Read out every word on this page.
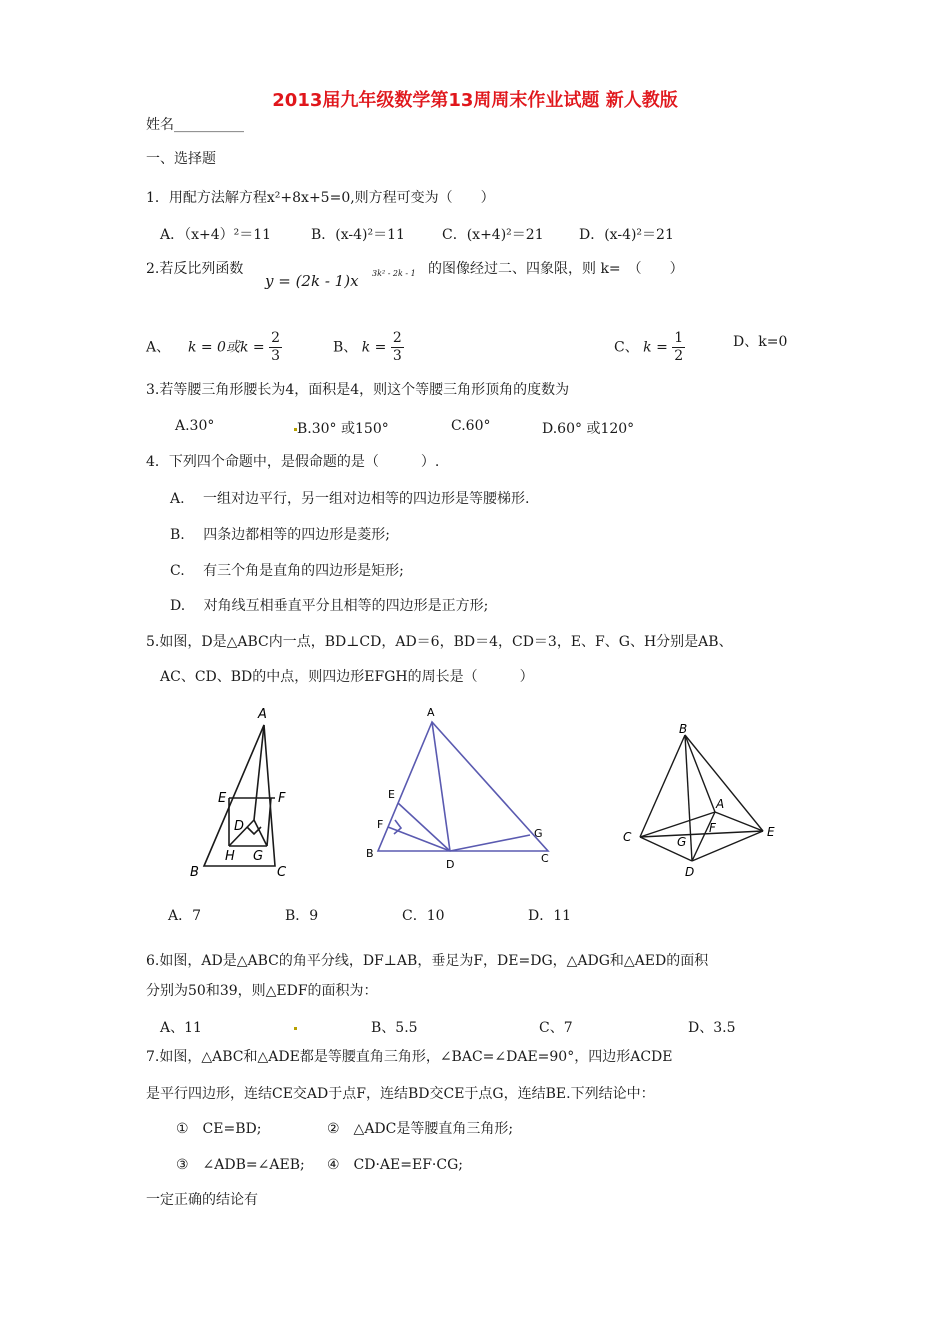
2013届九年级数学第13周周末作业试题 新人教版
姓名__________
一、选择题
1．用配方法解方程x²+8x+5=0,则方程可变为（　　）
A．（x+4）²＝11	B．(x-4)²＝11	C．(x+4)²＝21	D．(x-4)²＝21
2.若反比列函数
y = (2k - 1)x 3k² - 2k - 1 的图像经过二、四象限，则 k=　（　　）
A、 k = 0或$k = \frac{2}{3}$	B、 $k = \frac{2}{3}$	C、 $k = \frac{1}{2}$	D、k=0
3.若等腰三角形腰长为4，面积是4，则这个等腰三角形顶角的度数为
A.30°	B.30° 或150°	C.60°	D.60° 或120°
4．下列四个命题中，是假命题的是（　　　）.
A.　 一组对边平行，另一组对边相等的四边形是等腰梯形.
B.　 四条边都相等的四边形是菱形;
C.　 有三个角是直角的四边形是矩形;
D.　 对角线互相垂直平分且相等的四边形是正方形;
5.如图，D是△ABC内一点，BD⊥CD，AD＝6，BD＝4，CD＝3，E、F、G、H分别是AB、
AC、CD、BD的中点，则四边形EFGH的周长是（　　　）
A
E	F
D
H G
B	C
A
E
F
G
B
D	C
B
A
F	E
C	G
D
A．7	B．9	C．10	D．11
6.如图，AD是△ABC的角平分线，DF⊥AB，垂足为F，DE=DG，△ADG和△AED的面积
分别为50和39，则△EDF的面积为：
A、11	B、5.5	C、7	D、3.5
7.如图，△ABC和△ADE都是等腰直角三角形，∠BAC=∠DAE=90°，四边形ACDE
是平行四边形，连结CE交AD于点F，连结BD交CE于点G，连结BE.下列结论中：
①　CE=BD;	②　△ADC是等腰直角三角形;
③　∠ADB=∠AEB; ④　CD·AE=EF·CG;
一定正确的结论有
